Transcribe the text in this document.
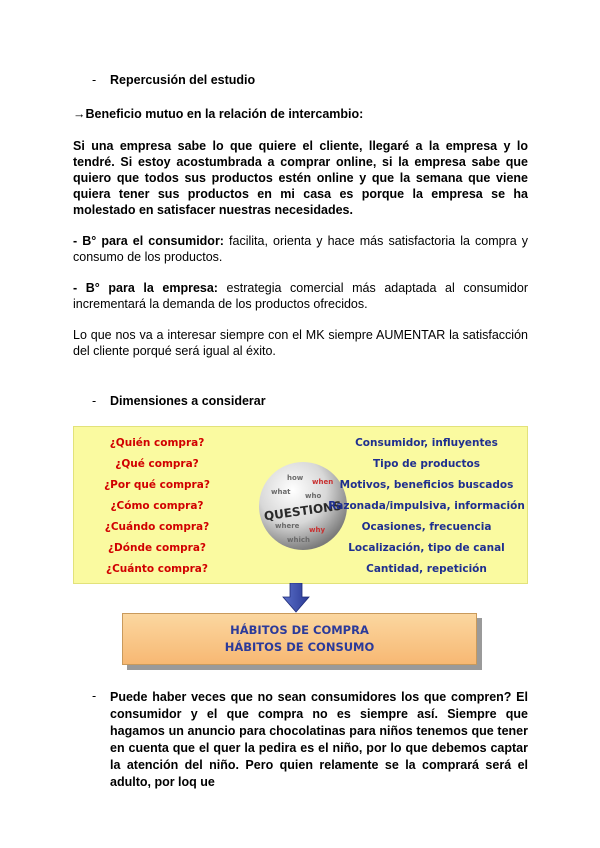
- Repercusión del estudio
→Beneficio mutuo en la relación de intercambio:
Si una empresa sabe lo que quiere el cliente, llegaré a la empresa y lo tendré. Si estoy acostumbrada a comprar online, si la empresa sabe que quiero que todos sus productos estén online y que la semana que viene quiera tener sus productos en mi casa es porque la empresa se ha molestado en satisfacer nuestras necesidades.
- B° para el consumidor: facilita, orienta y hace más satisfactoria la compra y consumo de los productos.
- B° para la empresa: estrategia comercial más adaptada al consumidor incrementará la demanda de los productos ofrecidos.
Lo que nos va a interesar siempre con el MK siempre AUMENTAR la satisfacción del cliente porqué será igual al éxito.
- Dimensiones a considerar
¿Quién compra?
¿Qué compra?
¿Por qué compra?
¿Cómo compra?
¿Cuándo compra?
¿Dónde compra?
¿Cuánto compra?
how when
what who
where why
which
QUESTIONS
Consumidor, influyentes
Tipo de productos
Motivos, beneficios buscados
Razonada/impulsiva, información
Ocasiones, frecuencia
Localización, tipo de canal
Cantidad, repetición
HÁBITOS DE COMPRA
HÁBITOS DE CONSUMO
- Puede haber veces que no sean consumidores los que compren? El consumidor y el que compra no es siempre así. Siempre que hagamos un anuncio para chocolatinas para niños tenemos que tener en cuenta que el quer la pedira es el niño, por lo que debemos captar la atención del niño. Pero quien relamente se la comprará será el adulto, por loq ue
